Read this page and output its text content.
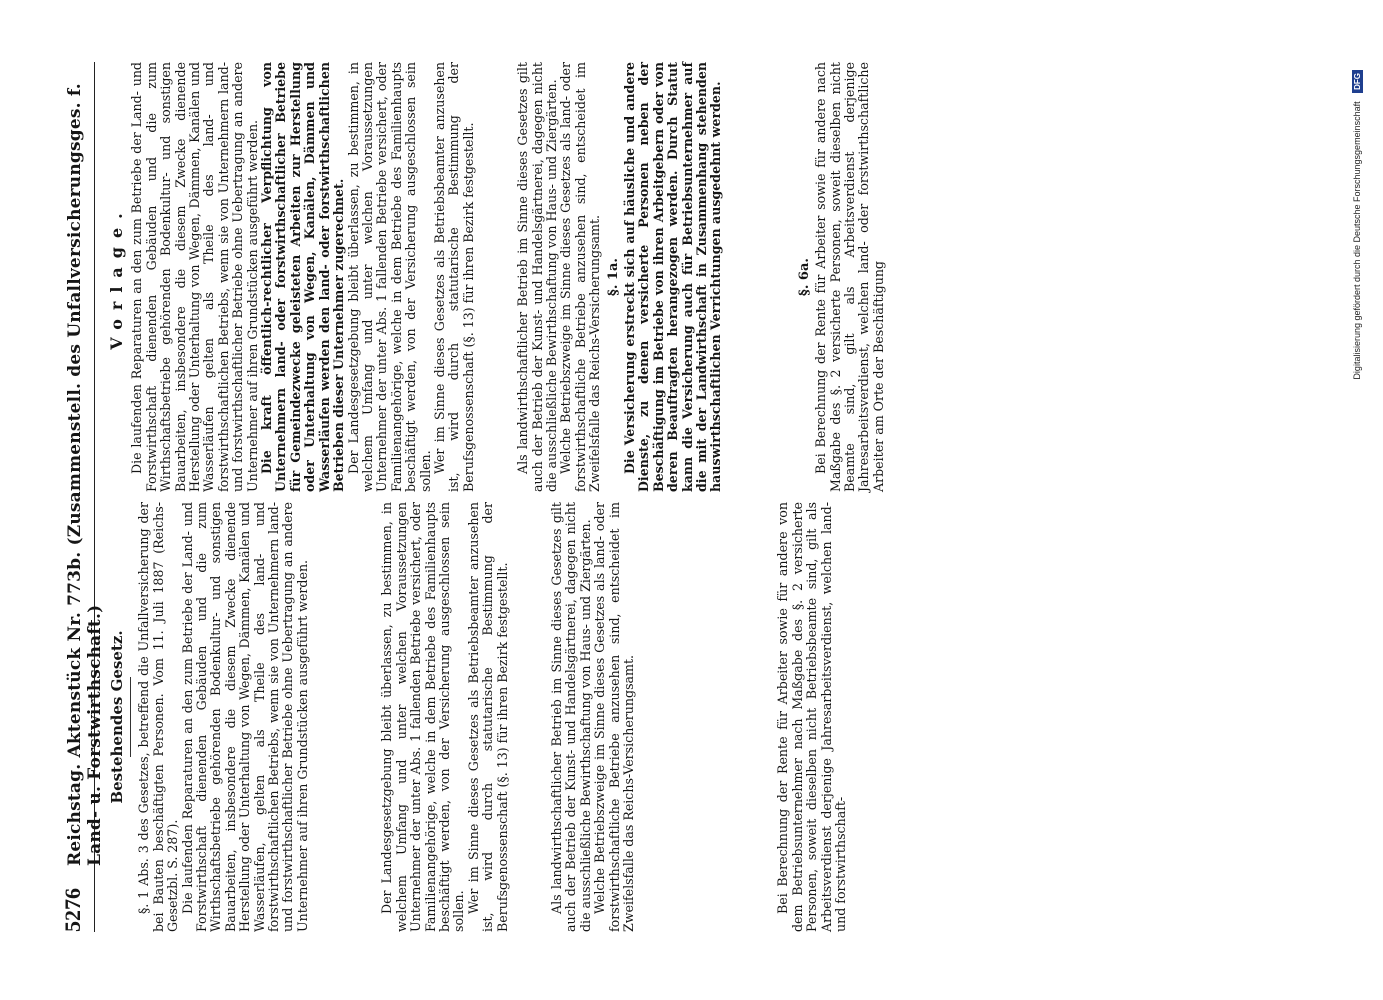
5276
Reichstag. Aktenstück Nr. 773b. (Zusammenstell. des Unfallversicherungsges. f. Land- u. Forstwirthschaft.) Bestehendes Gesetz. §. 1 Abs. 3 des Gesetzes, betreffend die Unfallversicherung der bei Bauten beschäftigten Personen. Vom 11. Juli 1887 (Reichs-Gesetzbl. S. 287). Die laufenden Reparaturen an den zum Betriebe der Land- und Forstwirthschaft dienenden Gebäuden und die zum Wirthschaftsbetriebe gehörenden Bodenkultur- und sonstigen Bauarbeiten, insbesondere die diesem Zwecke dienende Herstellung oder Unterhaltung von Wegen, Dämmen, Kanälen und Wasserläufen, gelten als Theile des land- und forstwirthschaftlichen Betriebs, wenn sie von Unternehmern land- und forstwirthschaftlicher Betriebe ohne Uebertragung an andere Unternehmer auf ihren Grundstücken ausgeführt werden.	Der Landesgesetzgebung bleibt überlassen, zu bestimmen, in welchem Umfang und unter welchen Voraussetzungen Unternehmer der unter Abs. 1 fallenden Betriebe versichert, oder Familienangehörige, welche in dem Betriebe des Familienhaupts beschäftigt werden, von der Versicherung ausgeschlossen sein sollen. Wer im Sinne dieses Gesetzes als Betriebsbeamter anzusehen ist, wird durch statutarische Bestimmung der Berufsgenossenschaft (§. 13) für ihren Bezirk festgestellt.	Als landwirthschaftlicher Betrieb im Sinne dieses Gesetzes gilt auch der Betrieb der Kunst- und Handelsgärtnerei, dagegen nicht die ausschließliche Bewirthschaftung von Haus- und Ziergärten. Welche Betriebszweige im Sinne dieses Gesetzes als land- oder forstwirthschaftliche Betriebe anzusehen sind, entscheidet im Zweifelsfalle das Reichs-Versicherungsamt.	Bei Berechnung der Rente für Arbeiter sowie für andere von dem Betriebsunternehmer nach Maßgabe des §. 2 versicherte Personen, soweit dieselben nicht Betriebsbeamte sind, gilt als Arbeitsverdienst derjenige Jahresarbeitsverdienst, welchen land- und forstwirthschaft-

Vorlage. Die laufenden Reparaturen an den zum Betriebe der Land- und Forstwirthschaft dienenden Gebäuden und die zum Wirthschaftsbetriebe gehörenden Bodenkultur- und sonstigen Bauarbeiten, insbesondere die diesem Zwecke dienende Herstellung oder Unterhaltung von Wegen, Dämmen, Kanälen und Wasserläufen gelten als Theile des land- und forstwirthschaftlichen Betriebs, wenn sie von Unternehmern land- und forstwirthschaftlicher Betriebe ohne Uebertragung an andere Unternehmer auf ihren Grundstücken ausgeführt werden. Die kraft öffentlich-rechtlicher Verpflichtung von Unternehmern land- oder forstwirthschaftlicher Betriebe für Gemeindezwecke geleisteten Arbeiten zur Herstellung oder Unterhaltung von Wegen, Kanälen, Dämmen und Wasserläufen werden den land- oder forstwirthschaftlichen Betrieben dieser Unternehmer zugerechnet. Der Landesgesetzgebung bleibt überlassen, zu bestimmen, in welchem Umfang und unter welchen Voraussetzungen Unternehmer der unter Abs. 1 fallenden Betriebe versichert, oder Familienangehörige, welche in dem Betriebe des Familienhaupts beschäftigt werden, von der Versicherung ausgeschlossen sein sollen. Wer im Sinne dieses Gesetzes als Betriebsbeamter anzusehen ist, wird durch statutarische Bestimmung der Berufsgenossenschaft (§. 13) für ihren Bezirk festgestellt.	Als landwirthschaftlicher Betrieb im Sinne dieses Gesetzes gilt auch der Betrieb der Kunst- und Handelsgärtnerei, dagegen nicht die ausschließliche Bewirthschaftung von Haus- und Ziergärten. Welche Betriebszweige im Sinne dieses Gesetzes als land- oder forstwirthschaftliche Betriebe anzusehen sind, entscheidet im Zweifelsfalle das Reichs-Versicherungsamt. §. 1a. Die Versicherung erstreckt sich auf häusliche und andere Dienste, zu denen versicherte Personen neben der Beschäftigung im Betriebe von ihren Arbeitgebern oder von deren Beauftragten herangezogen werden. Durch Statut kann die Versicherung auch für Betriebsunternehmer auf die mit der Landwirthschaft in Zusammenhang stehenden hauswirthschaftlichen Verrichtungen ausgedehnt werden.	§. 6a. Bei Berechnung der Rente für Arbeiter sowie für andere nach Maßgabe des §. 2 versicherte Personen, soweit dieselben nicht Beamte sind, gilt als Arbeitsverdienst derjenige Jahresarbeitsverdienst, welchen land- oder forstwirthschaftliche Arbeiter am Orte der Beschäftigung	Digitalisierung gefördert durch die Deutsche Forschungsgemeinschaft DFG
